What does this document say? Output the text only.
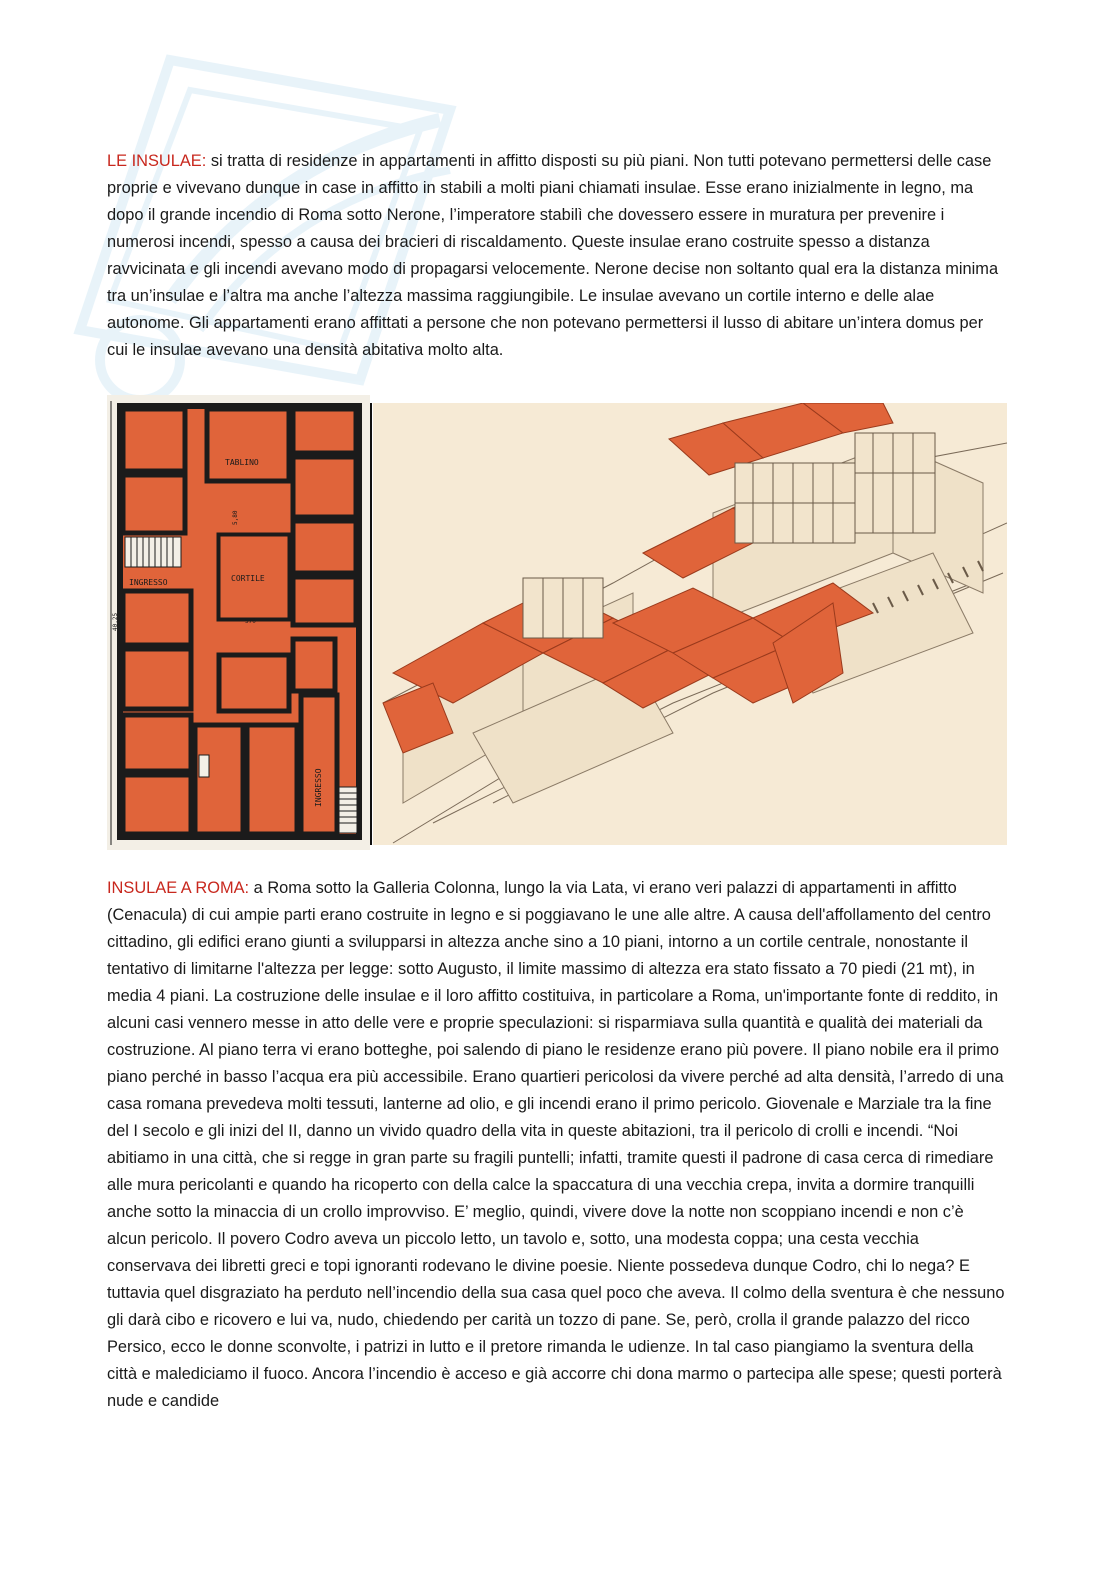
LE INSULAE: si tratta di residenze in appartamenti in affitto disposti su più piani. Non tutti potevano permettersi delle case proprie e vivevano dunque in case in affitto in stabili a molti piani chiamati insulae. Esse erano inizialmente in legno, ma dopo il grande incendio di Roma sotto Nerone, l’imperatore stabilì che dovessero essere in muratura per prevenire i numerosi incendi, spesso a causa dei bracieri di riscaldamento. Queste insulae erano costruite spesso a distanza ravvicinata e gli incendi avevano modo di propagarsi velocemente. Nerone decise non soltanto qual era la distanza minima tra un’insulae e l’altra ma anche l’altezza massima raggiungibile. Le insulae avevano un cortile interno e delle alae autonome. Gli appartamenti erano affittati a persone che non potevano permettersi il lusso di abitare un’intera domus per cui le insulae avevano una densità abitativa molto alta.

TABLINO
CORTILE
INGRESSO
570
INGRESSO
40,25
5,80

INSULAE A ROMA: a Roma sotto la Galleria Colonna, lungo la via Lata, vi erano veri palazzi di appartamenti in affitto (Cenacula) di cui ampie parti erano costruite in legno e si poggiavano le une alle altre. A causa dell'affollamento del centro cittadino, gli edifici erano giunti a svilupparsi in altezza anche sino a 10 piani, intorno a un cortile centrale, nonostante il tentativo di limitarne l'altezza per legge: sotto Augusto, il limite massimo di altezza era stato fissato a 70 piedi (21 mt), in media 4 piani. La costruzione delle insulae e il loro affitto costituiva, in particolare a Roma, un'importante fonte di reddito, in alcuni casi vennero messe in atto delle vere e proprie speculazioni: si risparmiava sulla quantità e qualità dei materiali da costruzione. Al piano terra vi erano botteghe, poi salendo di piano le residenze erano più povere. Il piano nobile era il primo piano perché in basso l’acqua era più accessibile. Erano quartieri pericolosi da vivere perché ad alta densità, l’arredo di una casa romana prevedeva molti tessuti, lanterne ad olio, e gli incendi erano il primo pericolo. Giovenale e Marziale tra la fine del I secolo e gli inizi del II, danno un vivido quadro della vita in queste abitazioni, tra il pericolo di crolli e incendi. “Noi abitiamo in una città, che si regge in gran parte su fragili puntelli; infatti, tramite questi il padrone di casa cerca di rimediare alle mura pericolanti e quando ha ricoperto con della calce la spaccatura di una vecchia crepa, invita a dormire tranquilli anche sotto la minaccia di un crollo improvviso. E’ meglio, quindi, vivere dove la notte non scoppiano incendi e non c’è alcun pericolo. Il povero Codro aveva un piccolo letto, un tavolo e, sotto, una modesta coppa; una cesta vecchia conservava dei libretti greci e topi ignoranti rodevano le divine poesie. Niente possedeva dunque Codro, chi lo nega? E tuttavia quel disgraziato ha perduto nell’incendio della sua casa quel poco che aveva. Il colmo della sventura è che nessuno gli darà cibo e ricovero e lui va, nudo, chiedendo per carità un tozzo di pane. Se, però, crolla il grande palazzo del ricco Persico, ecco le donne sconvolte, i patrizi in lutto e il pretore rimanda le udienze. In tal caso piangiamo la sventura della città e malediciamo il fuoco. Ancora l’incendio è acceso e già accorre chi dona marmo o partecipa alle spese; questi porterà nude e candide
